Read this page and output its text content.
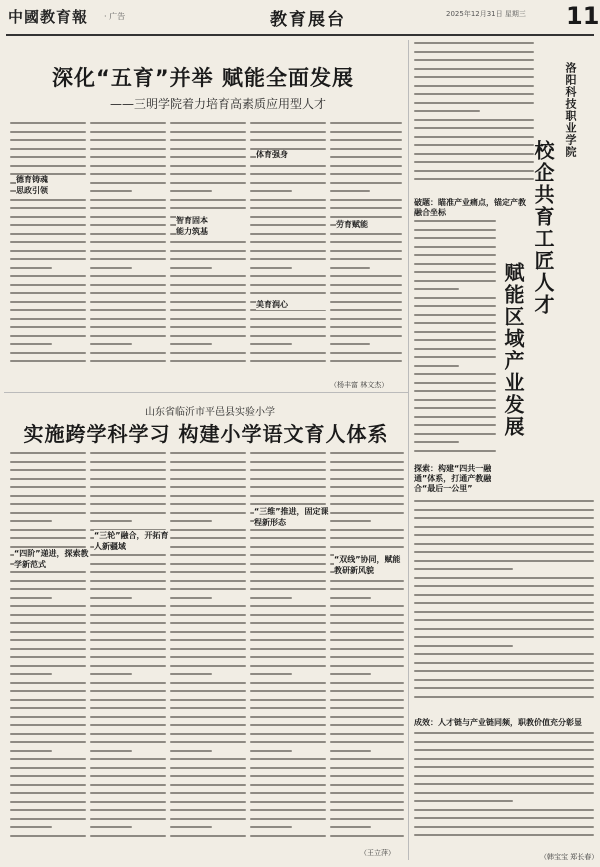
中國教育報 · 广告	教育展台	2025年12月31日 星期三 11
深化“五育”并举 赋能全面发展
——三明学院着力培育高素质应用型人才
德育铸魂
思政引领
智育固本
能力筑基
体育强身
美育润心
劳育赋能
（杨丰富 林文杰）
山东省临沂市平邑县实验小学
实施跨学科学习 构建小学语文育人体系
“四阶”递进，探索教学新范式
“三轮”融合，开拓育人新疆域
“三维”推进，固定课程新形态
“双线”协同，赋能教研新风貌
（王立萍）
洛阳科技职业学院
校企共育工匠人才
赋能区域产业发展
破题：瞄准产业痛点，锚定产教融合坐标
探索：构建“四共一融通”体系，打通产教融合“最后一公里”
成效：人才链与产业链同频，职教价值充分彰显
（韩宝宝 郑长春）
